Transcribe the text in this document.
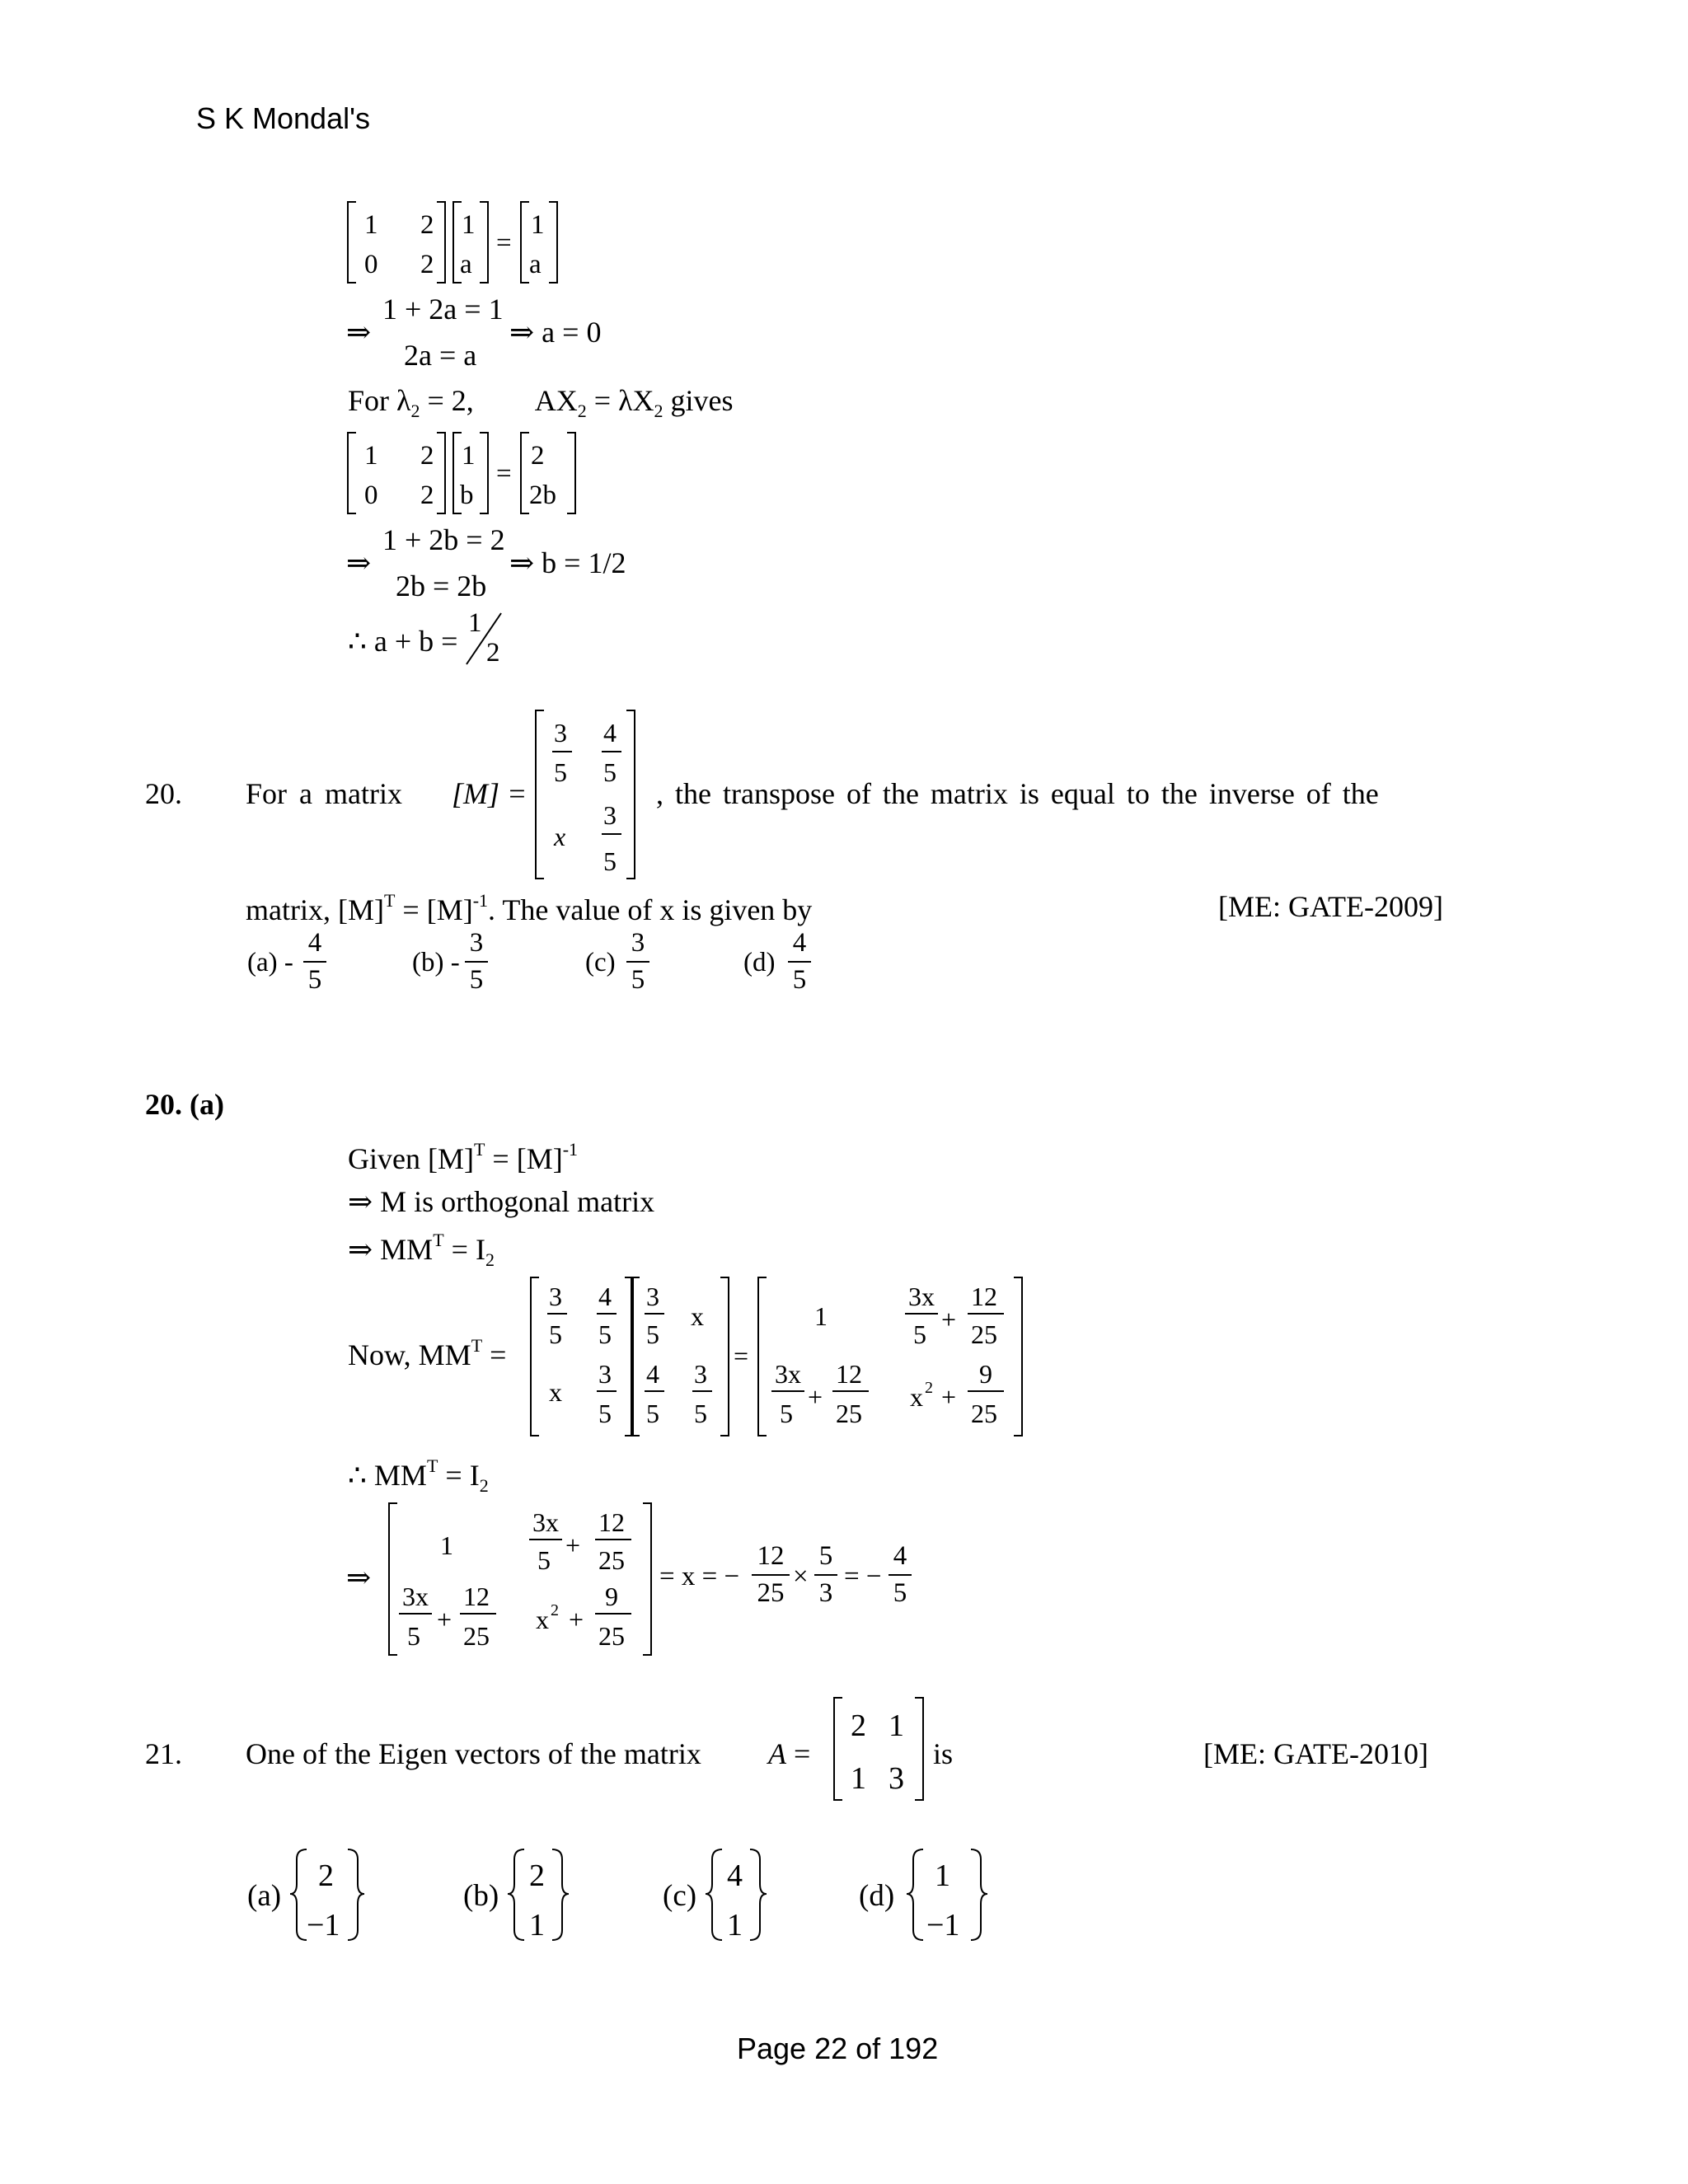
S K Mondal's
1 2
0 2
1
a
=
1
a
⇒
1 + 2a = 1
2a = a
⇒ a = 0
For $\lambda_2 = 2$, $AX_2 = \lambda X_2$ gives
1 2
0 2
1
b
=
2
2b
⇒
1 + 2b = 2
2b = 2b
⇒ b = 1/2
∴ a + b =
1
2
20. For a matrix [M] =
3
5
4
5
x
3
5
, the transpose of the matrix is equal to the inverse of the
matrix, $[M]^T = [M]^{-1}$. The value of x is given by	[ME: GATE-2009]
(a) -
4
5
(b) -
3
5
(c)
3
5
(d)
4
5
20. (a)
Given $[M]^T = [M]^{-1}$
⇒ M is orthogonal matrix
⇒ $MM^T = I_2$
Now, $MM^T$ =
3
5
4
5
x
3
5
3
5
x
4
5
3
5
=
1
3x
5 +
12
25
3x
5
+
12
25
x 2 +
9
25
∴ $MM^T = I_2$
⇒
1
3x
5 +
12
25
3x
5
+
12
25
x 2 +
9
25
= x = −
12
25
×
5
3
= −
4
5
21. One of the Eigen vectors of the matrix A =
2 1
1 3
is	[ME: GATE-2010]
(a)
2
−1
(b)
2
1
(c)
4
1
(d)
1
−1
Page 22 of 192
